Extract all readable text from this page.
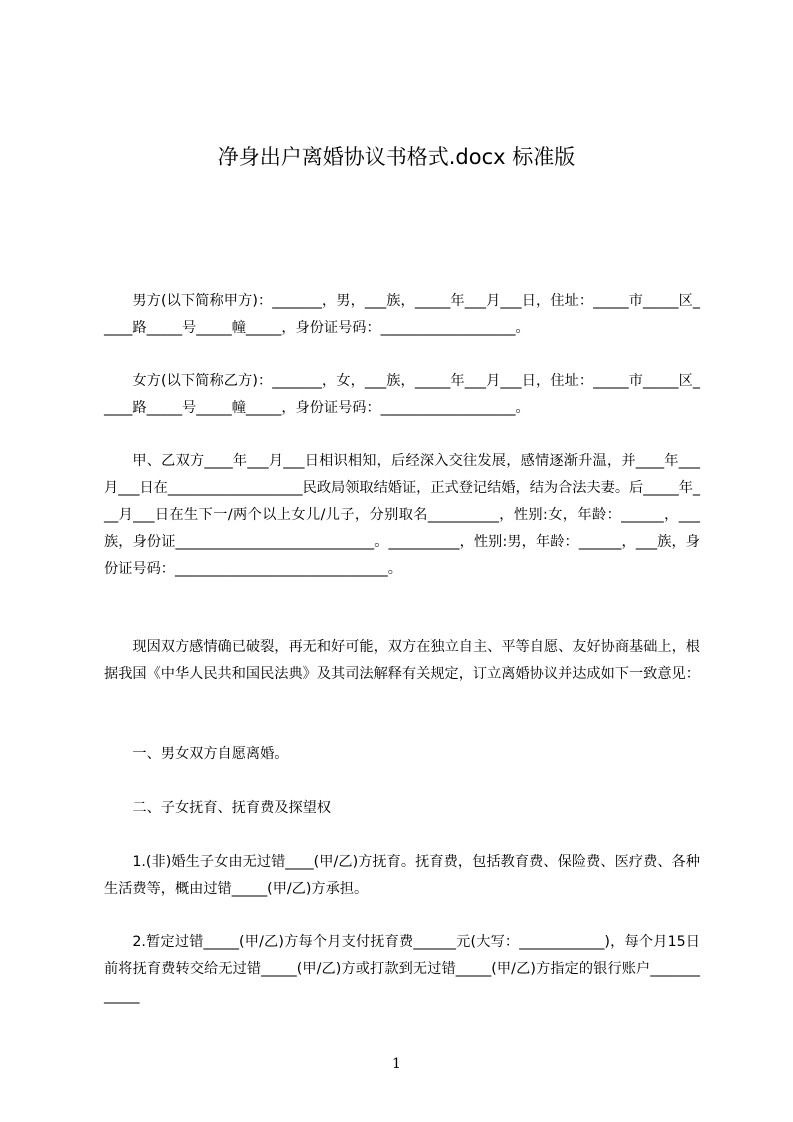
净身出户离婚协议书格式.docx 标准版

男方(以下简称甲方)：_______，男，___族，_____年___月___日，住址：_____市_____区_____路_____号_____幢_____，身份证号码：___________________。

女方(以下简称乙方)：_______，女，___族，_____年___月___日，住址：_____市_____区_____路_____号_____幢_____，身份证号码：___________________。

甲、乙双方____年___月___日相识相知，后经深入交往发展，感情逐渐升温，并____年___月___日在___________________民政局领取结婚证，正式登记结婚，结为合法夫妻。后_____年___月___日在生下一/两个以上女儿/儿子，分别取名__________，性别:女，年龄：______，___族，身份证____________________________。__________，性别:男，年龄：______，___族，身份证号码：______________________________。

现因双方感情确已破裂，再无和好可能，双方在独立自主、平等自愿、友好协商基础上，根据我国《中华人民共和国民法典》及其司法解释有关规定，订立离婚协议并达成如下一致意见：

一、男女双方自愿离婚。

二、子女抚育、抚育费及探望权

1.(非)婚生子女由无过错____(甲/乙)方抚育。抚育费，包括教育费、保险费、医疗费、各种生活费等，概由过错_____(甲/乙)方承担。

2.暂定过错_____(甲/乙)方每个月支付抚育费______元(大写：____________)，每个月15日前将抚育费转交给无过错_____(甲/乙)方或打款到无过错_____(甲/乙)方指定的银行账户____________

1
